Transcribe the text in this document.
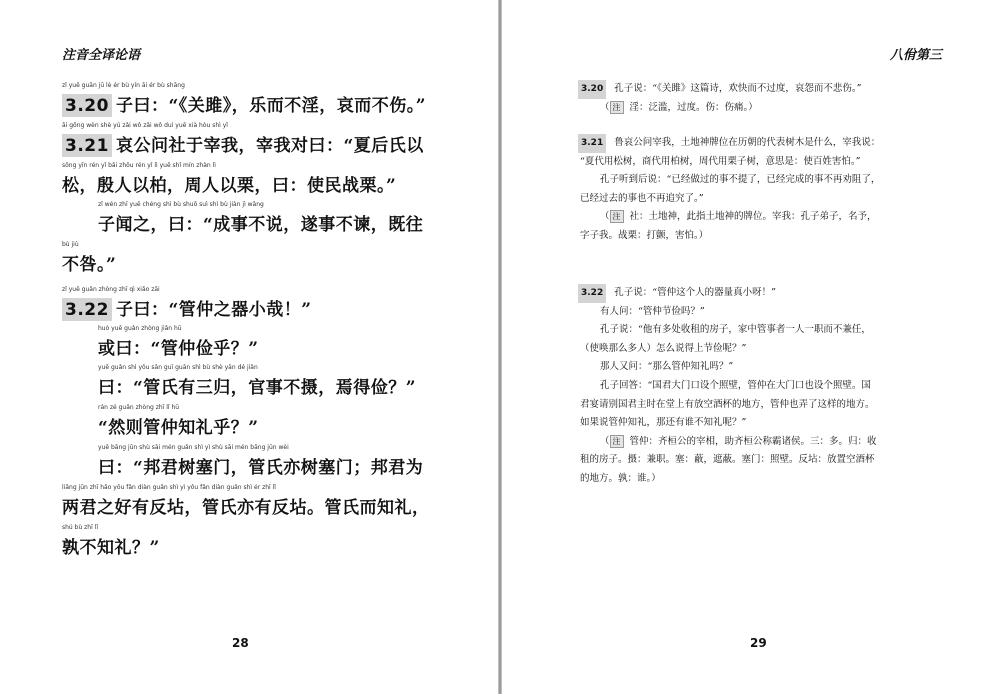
注音全译论语
zǐ yuē guān jū lè ér bù yín āi ér bù shāng
3.20 子曰：“《关雎》，乐而不淫，哀而不伤。”
āi gōng wèn shè yú zǎi wǒ zǎi wǒ duì yuē xià hòu shì yǐ
3.21 哀公问社于宰我，宰我对曰：“夏后氏以
sōng yīn rén yǐ bǎi zhōu rén yǐ lì yuē shǐ mín zhàn lì
松，殷人以柏，周人以栗，曰：使民战栗。”
zǐ wén zhī yuē chéng shì bù shuō suì shì bù jiàn jì wǎng
子闻之，曰：“成事不说，遂事不谏，既往
bù jiù
不咎。”
zǐ yuē guǎn zhòng zhī qì xiǎo zāi
3.22 子曰：“管仲之器小哉！”
huò yuē guǎn zhòng jiǎn hū
或曰：“管仲俭乎？”
yuē guǎn shì yǒu sān guī guān shì bù shè yān dé jiǎn
曰：“管氏有三归，官事不摄，焉得俭？”
rán zé guǎn zhòng zhī lǐ hū
“然则管仲知礼乎？”
yuē bāng jūn shù sāi mén guǎn shì yì shù sāi mén bāng jūn wèi
曰：“邦君树塞门，管氏亦树塞门；邦君为
liǎng jūn zhī hǎo yǒu fǎn diàn guǎn shì yì yǒu fǎn diàn guǎn shì ér zhī lǐ
两君之好有反坫，管氏亦有反坫。管氏而知礼，
shú bù zhī lǐ
孰不知礼？”
28
八佾第三
3.20 孔子说：“《关雎》这篇诗，欢快而不过度，哀怨而不悲伤。”
（ 注 淫：泛滥，过度。伤：伤痛。）
3.21 鲁哀公问宰我，土地神牌位在历朝的代表树木是什么，宰我说：
“夏代用松树，商代用柏树，周代用栗子树，意思是：使百姓害怕。”
孔子听到后说：“已经做过的事不提了，已经完成的事不再劝阻了，
已经过去的事也不再追究了。”
（ 注 社：土地神，此指土地神的牌位。宰我：孔子弟子，名予，
字子我。战栗：打颤，害怕。）
3.22 孔子说：“管仲这个人的器量真小呀！”
有人问：“管仲节俭吗？”
孔子说：“他有多处收租的房子，家中管事者一人一职而不兼任，
（使唤那么多人）怎么说得上节俭呢？”
那人又问：“那么管仲知礼吗？”
孔子回答：“国君大门口设个照壁，管仲在大门口也设个照壁。国
君宴请别国君主时在堂上有放空酒杯的地方，管仲也弄了这样的地方。
如果说管仲知礼，那还有谁不知礼呢？”
（ 注 管仲：齐桓公的宰相，助齐桓公称霸诸侯。三：多。归：收
租的房子。摄：兼职。塞：蔽，遮蔽。塞门：照壁。反坫：放置空酒杯
的地方。孰：谁。）
29
